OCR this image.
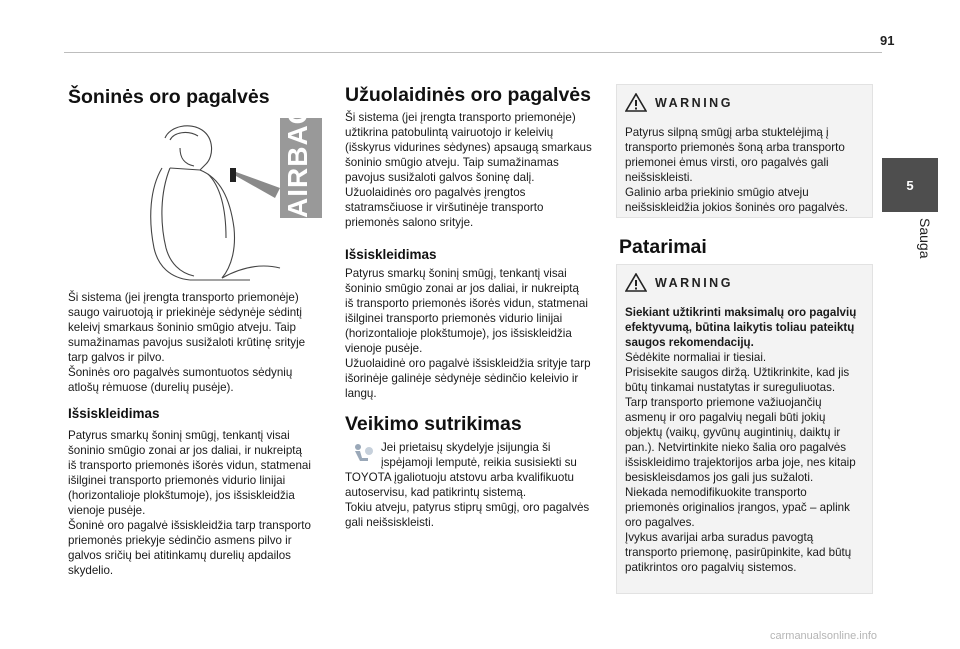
91
5
Sauga
Šoninės oro pagalvės
AIRBAG
Ši sistema (jei įrengta transporto priemonėje)
saugo vairuotoją ir priekinėje sėdynėje sėdintį
keleivį smarkaus šoninio smūgio atveju. Taip
sumažinamas pavojus susižaloti krūtinę srityje
tarp galvos ir pilvo.
Šoninės oro pagalvės sumontuotos sėdynių
atlošų rėmuose (durelių pusėje).
Išsiskleidimas
Patyrus smarkų šoninį smūgį, tenkantį visai
šoninio smūgio zonai ar jos daliai, ir nukreiptą
iš transporto priemonės išorės vidun, statmenai
išilginei transporto priemonės vidurio linijai
(horizontalioje plokštumoje), jos išsiskleidžia
vienoje pusėje.
Šoninė oro pagalvė išsiskleidžia tarp transporto
priemonės priekyje sėdinčio asmens pilvo ir
galvos sričių bei atitinkamų durelių apdailos
skydelio.
Užuolaidinės oro pagalvės
Ši sistema (jei įrengta transporto priemonėje)
užtikrina patobulintą vairuotojo ir keleivių
(išskyrus vidurines sėdynes) apsaugą smarkaus
šoninio smūgio atveju. Taip sumažinamas
pavojus susižaloti galvos šoninę dalį.
Užuolaidinės oro pagalvės įrengtos
statramsčiuose ir viršutinėje transporto
priemonės salono srityje.
Išsiskleidimas
Patyrus smarkų šoninį smūgį, tenkantį visai
šoninio smūgio zonai ar jos daliai, ir nukreiptą
iš transporto priemonės išorės vidun, statmenai
išilginei transporto priemonės vidurio linijai
(horizontalioje plokštumoje), jos išsiskleidžia
vienoje pusėje.
Užuolaidinė oro pagalvė išsiskleidžia srityje tarp
išorinėje galinėje sėdynėje sėdinčio keleivio ir
langų.
Veikimo sutrikimas
Jei prietaisų skydelyje įsijungia ši
įspėjamoji lemputė, reikia susisiekti su
TOYOTA įgaliotuoju atstovu arba kvalifikuotu
autoservisu, kad patikrintų sistemą.
Tokiu atveju, patyrus stiprų smūgį, oro pagalvės
gali neišsiskleisti.
WARNING
Patyrus silpną smūgį arba stuktelėjimą į
transporto priemonės šoną arba transporto
priemonei ėmus virsti, oro pagalvės gali
neišsiskleisti.
Galinio arba priekinio smūgio atveju
neišsiskleidžia jokios šoninės oro pagalvės.
Patarimai
WARNING
Siekiant užtikrinti maksimalų oro pagalvių
efektyvumą, būtina laikytis toliau pateiktų
saugos rekomendacijų.
Sėdėkite normaliai ir tiesiai.
Prisisekite saugos diržą. Užtikrinkite, kad jis
būtų tinkamai nustatytas ir sureguliuotas.
Tarp transporto priemone važiuojančių
asmenų ir oro pagalvių negali būti jokių
objektų (vaikų, gyvūnų augintinių, daiktų ir
pan.). Netvirtinkite nieko šalia oro pagalvės
išsiskleidimo trajektorijos arba joje, nes kitaip
besiskleisdamos jos gali jus sužaloti.
Niekada nemodifikuokite transporto
priemonės originalios įrangos, ypač – aplink
oro pagalves.
Įvykus avarijai arba suradus pavogtą
transporto priemonę, pasirūpinkite, kad būtų
patikrintos oro pagalvių sistemos.
carmanualsonline.info
